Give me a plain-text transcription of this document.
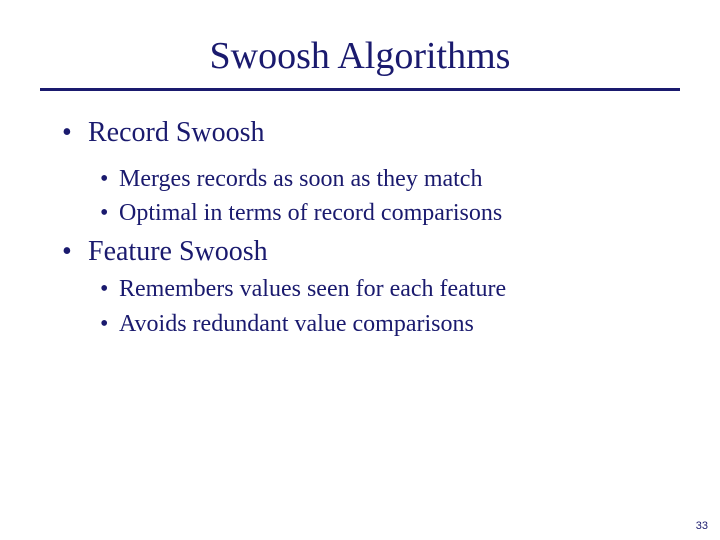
Swoosh Algorithms
• Record Swoosh
• Merges records as soon as they match
• Optimal in terms of record comparisons
• Feature Swoosh
• Remembers values seen for each feature
• Avoids redundant value comparisons
33
